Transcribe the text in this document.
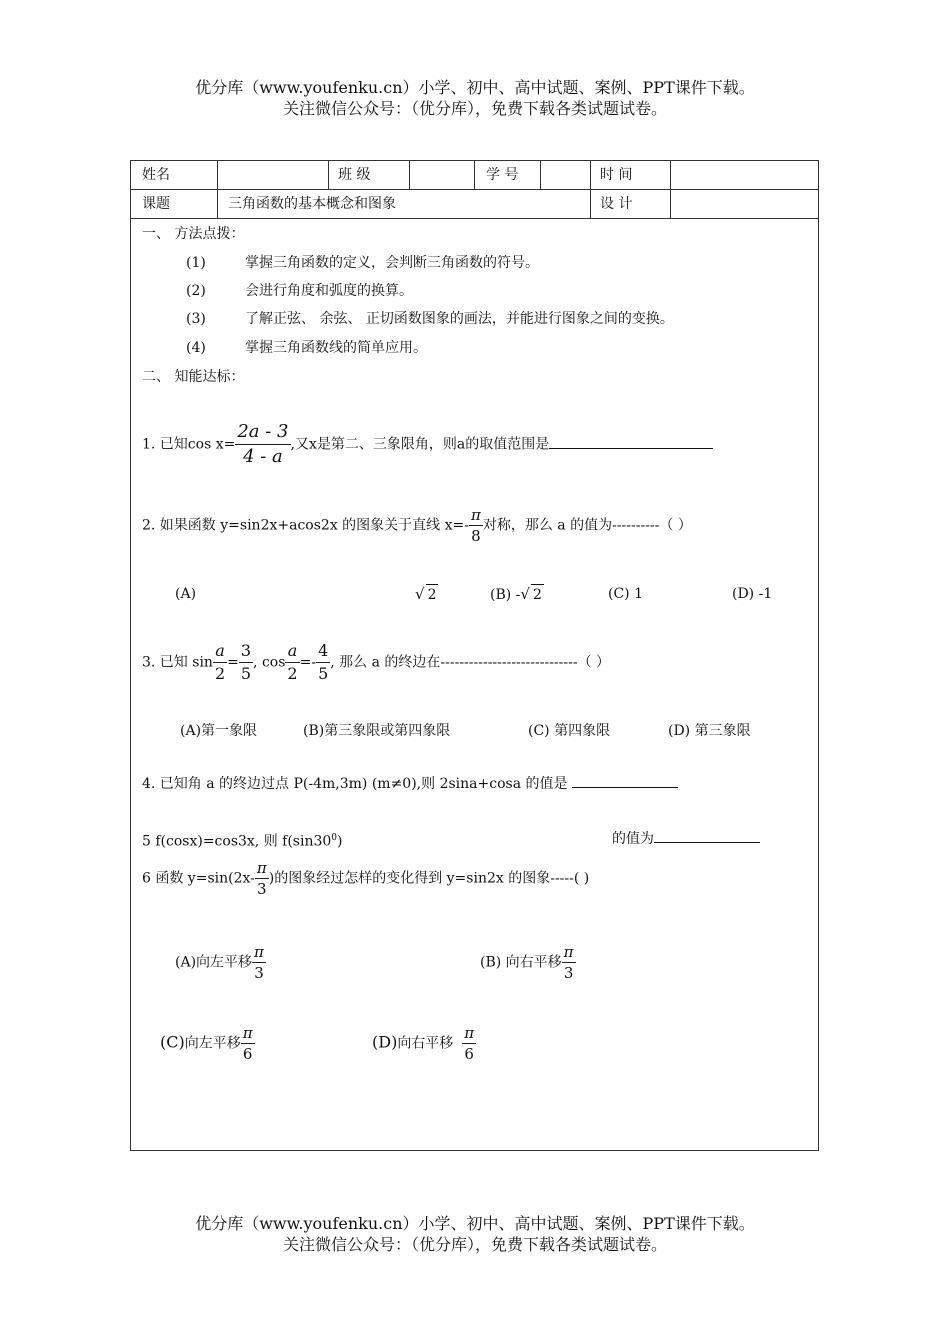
优分库（www.youfenku.cn）小学、初中、高中试题、案例、PPT课件下载。
关注微信公众号：（优分库），免费下载各类试题试卷。
姓名	班 级	学 号	时 间
课题	三角函数的基本概念和图象	设 计
一、 方法点拨：
(1)	掌握三角函数的定义，会判断三角函数的符号。
(2)	会进行角度和弧度的换算。
(3)	了解正弦、 余弦、 正切函数图象的画法，并能进行图象之间的变换。
(4)	掌握三角函数线的简单应用。
二、 知能达标：
1. 已知$\cos x= \frac{2a - 3}{4 - a}$ ,又x是第二、三象限角，则a的取值范围是
2. 如果函数 y=sin2x+acos2x 的图象关于直线 $x=- \frac{\pi}{8}$ 对称，那么 a 的值为----------（ ）
(A)	√ 2	(B) -√ 2	(C) 1	(D) -1
3. 已知 $\sin \frac{a}{2} = \frac{3}{5}$ , $\cos \frac{a}{2} =- \frac{4}{5}$ , 那么 a 的终边在-----------------------------（ ）
(A)第一象限	(B)第三象限或第四象限	(C) 第四象限	(D) 第三象限
4. 已知角 a 的终边过点 P(-4m,3m) (m≠0),则 2sina+cosa 的值是
5 f(cosx)=cos3x, 则 $f(\sin 30^0)$	的值为
6 函数 $y=\sin(2x- \frac{\pi}{3}$ )的图象经过怎样的变化得到 y=sin2x 的图象-----( )
(A)向左平移 $\frac{\pi}{3}$	(B) 向右平移 $\frac{\pi}{3}$
(C)向左平移 $\frac{\pi}{6}$	(D)向右平移 $\frac{\pi}{6}$
优分库（www.youfenku.cn）小学、初中、高中试题、案例、PPT课件下载。
关注微信公众号：（优分库），免费下载各类试题试卷。
